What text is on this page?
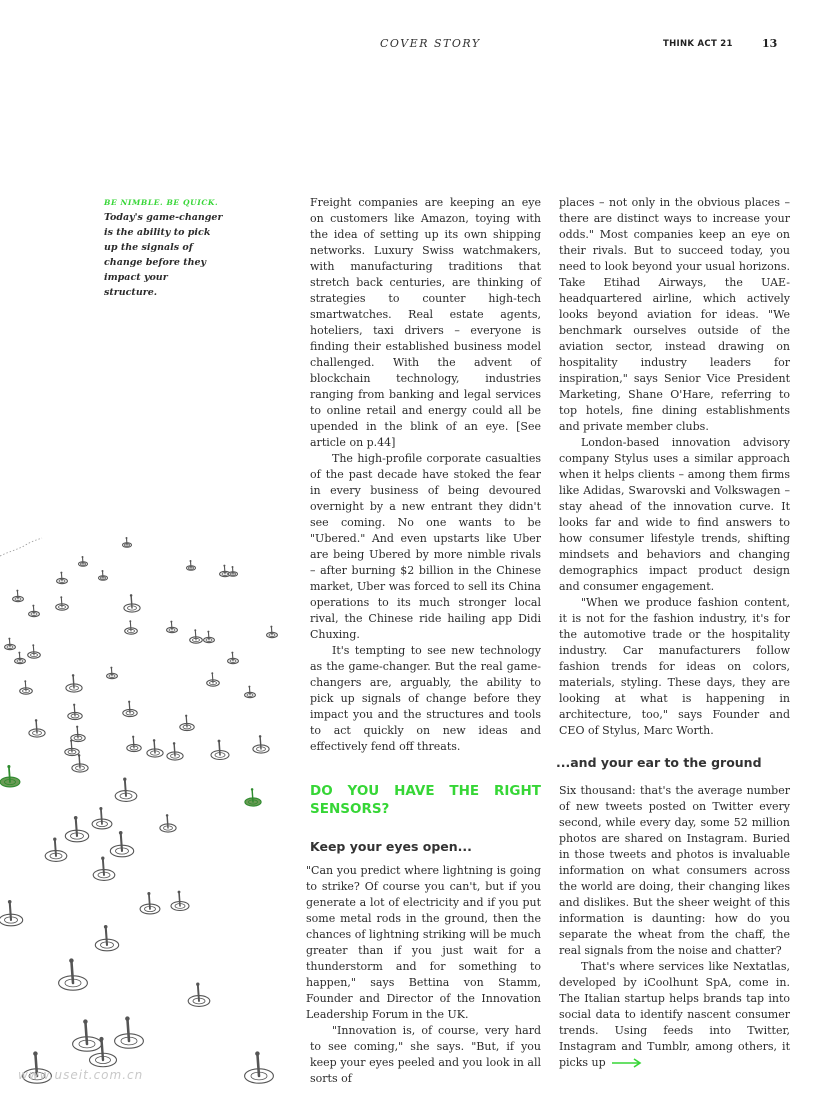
COVER STORY	THINK ACT 21	13
BE NIMBLE. BE QUICK.
Today's game-changer is the ability to pick up the signals of change before they impact your structure.

Freight companies are keeping an eye on customers like Amazon, toying with the idea of setting up its own shipping networks. Luxury Swiss watchmakers, with manufacturing traditions that stretch back centuries, are thinking of strategies to counter high-tech smartwatches. Real estate agents, hoteliers, taxi drivers – everyone is finding their established business model challenged. With the advent of blockchain technology, industries ranging from banking and legal services to online retail and energy could all be upended in the blink of an eye. [See article on p.44]

The high-profile corporate casualties of the past decade have stoked the fear in every business of being devoured overnight by a new entrant they didn't see coming. No one wants to be "Ubered." And even upstarts like Uber are being Ubered by more nimble rivals – after burning $2 billion in the Chinese market, Uber was forced to sell its China operations to its much stronger local rival, the Chinese ride hailing app Didi Chuxing.

It's tempting to see new technology as the game-changer. But the real game-changers are, arguably, the ability to pick up signals of change before they impact you and the structures and tools to act quickly on new ideas and effectively fend off threats.

DO YOU HAVE THE RIGHT SENSORS?
Keep your eyes open...

"Can you predict where lightning is going to strike? Of course you can't, but if you generate a lot of electricity and if you put some metal rods in the ground, then the chances of lightning striking will be much greater than if you just wait for a thunderstorm and for something to happen," says Bettina von Stamm, Founder and Director of the Innovation Leadership Forum in the UK.

"Innovation is, of course, very hard to see coming," she says. "But, if you keep your eyes peeled and you look in all sorts of

places – not only in the obvious places – there are distinct ways to increase your odds." Most companies keep an eye on their rivals. But to succeed today, you need to look beyond your usual horizons. Take Etihad Airways, the UAE-headquartered airline, which actively looks beyond aviation for ideas. "We benchmark ourselves outside of the aviation sector, instead drawing on hospitality industry leaders for inspiration," says Senior Vice President Marketing, Shane O'Hare, referring to top hotels, fine dining establishments and private member clubs.

London-based innovation advisory company Stylus uses a similar approach when it helps clients – among them firms like Adidas, Swarovski and Volkswagen – stay ahead of the innovation curve. It looks far and wide to find answers to how consumer lifestyle trends, shifting mindsets and behaviors and changing demographics impact product design and consumer engagement.

"When we produce fashion content, it is not for the fashion industry, it's for the automotive trade or the hospitality industry. Car manufacturers follow fashion trends for ideas on colors, materials, styling. These days, they are looking at what is happening in architecture, too," says Founder and CEO of Stylus, Marc Worth.

...and your ear to the ground

Six thousand: that's the average number of new tweets posted on Twitter every second, while every day, some 52 million photos are shared on Instagram. Buried in those tweets and photos is invaluable information on what consumers across the world are doing, their changing likes and dislikes. But the sheer weight of this information is daunting: how do you separate the wheat from the chaff, the real signals from the noise and chatter?

That's where services like Nextatlas, developed by iCoolhunt SpA, come in. The Italian startup helps brands tap into social data to identify nascent consumer trends. Using feeds into Twitter, Instagram and Tumblr, among others, it picks up

www.useit.com.cn
